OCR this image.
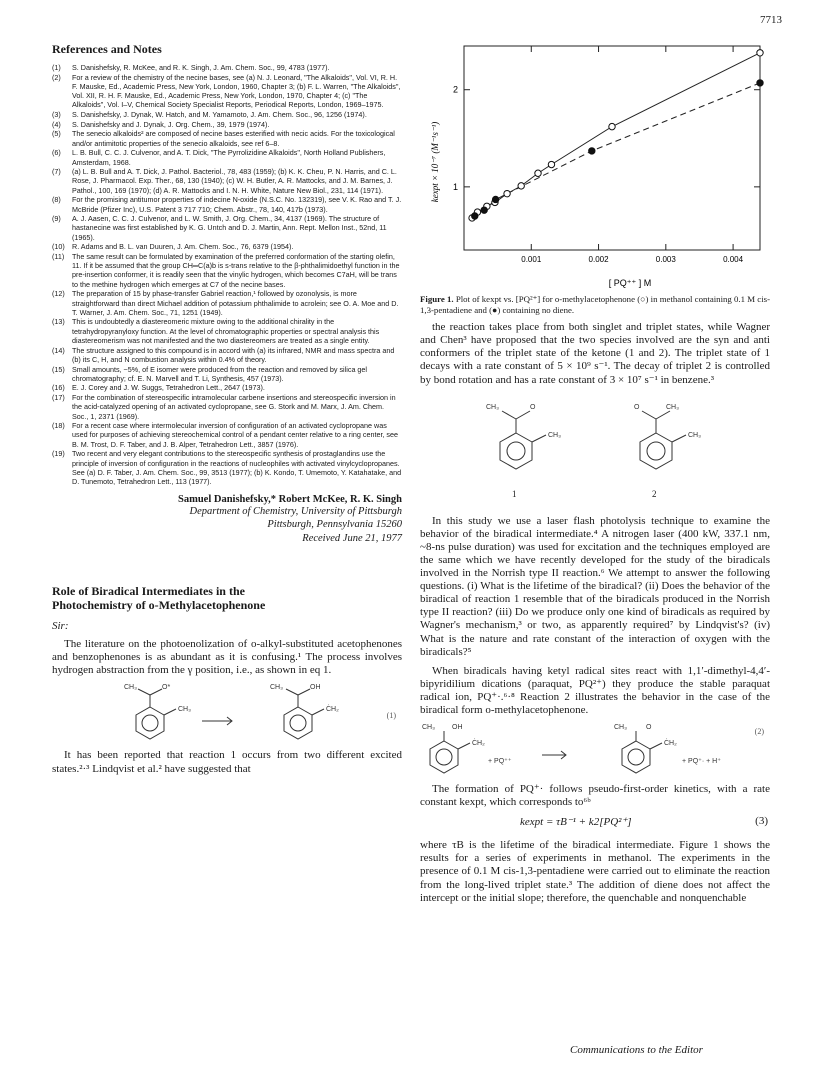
7713
References and Notes
(1) S. Danishefsky, R. McKee, and R. K. Singh, J. Am. Chem. Soc., 99, 4783 (1977).
(2) For a review of the chemistry of the necine bases, see (a) N. J. Leonard, "The Alkaloids", Vol. VI, R. H. F. Mauske, Ed., Academic Press, New York, London, 1960, Chapter 3; (b) F. L. Warren, "The Alkaloids", Vol. XII, R. H. F. Mauske, Ed., Academic Press, New York, London, 1970, Chapter 4; (c) "The Alkaloids", Vol. I–V, Chemical Society Specialist Reports, Periodical Reports, London, 1969–1975.
(3) S. Danishefsky, J. Dynak, W. Hatch, and M. Yamamoto, J. Am. Chem. Soc., 96, 1256 (1974).
(4) S. Danishefsky and J. Dynak, J. Org. Chem., 39, 1979 (1974).
(5) The senecio alkaloids² are composed of necine bases esterified with necic acids. For the toxicological and/or antimitotic properties of the senecio alkaloids, see ref 6–8.
(6) L. B. Bull, C. C. J. Culvenor, and A. T. Dick, "The Pyrrolizidine Alkaloids", North Holland Publishers, Amsterdam, 1968.
(7) (a) L. B. Bull and A. T. Dick, J. Pathol. Bacteriol., 78, 483 (1959); (b) K. K. Cheu, P. N. Harris, and C. L. Rose, J. Pharmacol. Exp. Ther., 68, 130 (1940); (c) W. H. Butler, A. R. Mattocks, and J. M. Barnes, J. Pathol., 100, 169 (1970); (d) A. R. Mattocks and I. N. H. White, Nature New Biol., 231, 114 (1971).
(8) For the promising antitumor properties of indecine N-oxide (N.S.C. No. 132319), see V. K. Rao and T. J. McBride (Pfizer Inc), U.S. Patent 3 717 710; Chem. Abstr., 78, 140, 417b (1973).
(9) A. J. Aasen, C. C. J. Culvenor, and L. W. Smith, J. Org. Chem., 34, 4137 (1969). The structure of hastanecine was first established by K. G. Untch and D. J. Martin, Ann. Rept. Mellon Inst., 52nd, 11 (1965).
(10) R. Adams and B. L. van Duuren, J. Am. Chem. Soc., 76, 6379 (1954).
(11) The same result can be formulated by examination of the preferred conformation of the starting olefin, 11. If it be assumed that the group CH═C(a)b is s-trans relative to the β-phthalimidoethyl function in the pre-insertion conformer, it is readily seen that the vinylic hydrogen, which becomes C7aH, will be trans to the methine hydrogen which emerges at C7 of the necine bases.
(12) The preparation of 15 by phase-transfer Gabriel reaction,¹ followed by ozonolysis, is more straightforward than direct Michael addition of potassium phthalimide to acrolein; see O. A. Moe and D. T. Warner, J. Am. Chem. Soc., 71, 1251 (1949).
(13) This is undoubtedly a diastereomeric mixture owing to the additional chirality in the tetrahydropyranyloxy function. At the level of chromatographic properties or spectral analysis this diastereomerism was not manifested and the two diastereomers are treated as a single entity.
(14) The structure assigned to this compound is in accord with (a) its infrared, NMR and mass spectra and (b) its C, H, and N combustion analysis within 0.4% of theory.
(15) Small amounts, ~5%, of E isomer were produced from the reaction and removed by silica gel chromatography; cf. E. N. Marvell and T. Li, Synthesis, 457 (1973).
(16) E. J. Corey and J. W. Suggs, Tetrahedron Lett., 2647 (1973).
(17) For the combination of stereospecific intramolecular carbene insertions and stereospecific inversion in the acid-catalyzed opening of an activated cyclopropane, see G. Stork and M. Marx, J. Am. Chem. Soc., 1, 2371 (1969).
(18) For a recent case where intermolecular inversion of configuration of an activated cyclopropane was used for purposes of achieving stereochemical control of a pendant center relative to a ring center, see B. M. Trost, D. F. Taber, and J. B. Alper, Tetrahedron Lett., 3857 (1976).
(19) Two recent and very elegant contributions to the stereospecific synthesis of prostaglandins use the principle of inversion of configuration in the reactions of nucleophiles with activated vinylcyclopropanes. See (a) D. F. Taber, J. Am. Chem. Soc., 99, 3513 (1977); (b) K. Kondo, T. Umemoto, Y. Katahatake, and D. Tunemoto, Tetrahedron Lett., 113 (1977).
Samuel Danishefsky,* Robert McKee, R. K. Singh
Department of Chemistry, University of Pittsburgh
Pittsburgh, Pennsylvania 15260
Received June 21, 1977
Role of Biradical Intermediates in the
Photochemistry of o-Methylacetophenone
Sir:

The literature on the photoenolization of o-alkyl-substituted acetophenones and benzophenones is as abundant as it is confusing.¹ The process involves hydrogen abstraction from the γ position, i.e., as shown in eq 1.

CH₃	O*
CH₃
CH₃	OH
ĊH₂
(1)

It has been reported that reaction 1 occurs from two different excited states.²·³ Lindqvist et al.² have suggested that

0.001	0.002	0.003	0.004
1
2
kexpt × 10⁻⁷ (M⁻¹s⁻¹)
[ PQ⁺⁺ ] M
Figure 1. Plot of kexpt vs. [PQ²⁺] for o-methylacetophenone (○) in methanol containing 0.1 M cis-1,3-pentadiene and (●) containing no diene.

the reaction takes place from both singlet and triplet states, while Wagner and Chen³ have proposed that the two species involved are the syn and anti conformers of the triplet state of the ketone (1 and 2). The triplet state of 1 decays with a rate constant of 5 × 10⁹ s⁻¹. The decay of triplet 2 is controlled by bond rotation and has a rate constant of 3 × 10⁷ s⁻¹ in benzene.³

CH₃	O
CH₃
O	CH₃
CH₃
1	2

In this study we use a laser flash photolysis technique to examine the behavior of the biradical intermediate.⁴ A nitrogen laser (400 kW, 337.1 nm, ~8-ns pulse duration) was used for excitation and the techniques employed are the same which we have recently developed for the study of the biradicals involved in the Norrish type II reaction.⁶ We attempt to answer the following questions. (i) What is the lifetime of the biradical? (ii) Does the behavior of the biradical of reaction 1 resemble that of the biradicals produced in the Norrish type II reaction? (iii) Do we produce only one kind of biradicals as required by Wagner's mechanism,³ or two, as apparently required⁷ by Lindqvist's? (iv) What is the nature and rate constant of the interaction of oxygen with the biradicals?⁵

When biradicals having ketyl radical sites react with 1,1′-dimethyl-4,4′-bipyridilium dications (paraquat, PQ²⁺) they produce the stable paraquat radical ion, PQ⁺·.⁶·⁸ Reaction 2 illustrates the behavior in the case of the biradical form o-methylacetophenone.

CH₃ OH
ĊH₂
+ PQ⁺⁺
CH₃	O
ĊH₂
+ PQ⁺· + H⁺
(2)

The formation of PQ⁺· follows pseudo-first-order kinetics, with a rate constant kexpt, which corresponds to⁶ᵇ

kexpt = τB⁻¹ + k2[PQ²⁺]	(3)

where τB is the lifetime of the biradical intermediate. Figure 1 shows the results for a series of experiments in methanol. The experiments in the presence of 0.1 M cis-1,3-pentadiene were carried out to eliminate the reaction from the long-lived triplet state.³ The addition of diene does not affect the intercept or the initial slope; therefore, the quenchable and nonquenchable

Communications to the Editor
